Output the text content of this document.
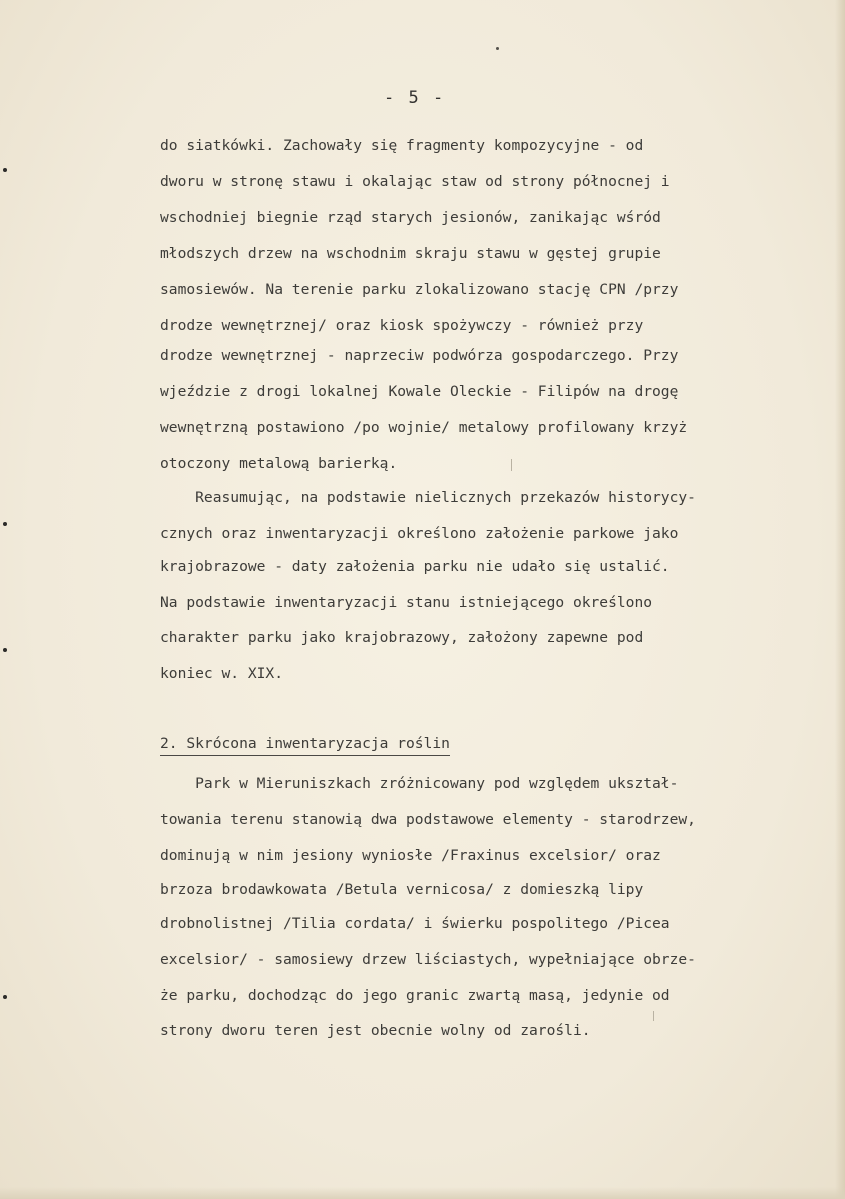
- 5 -
do siatkówki. Zachowały się fragmenty kompozycyjne - od
dworu w stronę stawu i okalając staw od strony północnej i
wschodniej biegnie rząd starych jesionów, zanikając wśród
młodszych drzew na wschodnim skraju stawu w gęstej grupie
samosiewów. Na terenie parku zlokalizowano stację CPN /przy
drodze wewnętrznej/ oraz kiosk spożywczy - również przy
drodze wewnętrznej - naprzeciw podwórza gospodarczego. Przy
wjeździe z drogi lokalnej Kowale Oleckie - Filipów na drogę
wewnętrzną postawiono /po wojnie/ metalowy profilowany krzyż
otoczony metalową barierką.
Reasumując, na podstawie nielicznych przekazów historycy-
cznych oraz inwentaryzacji określono założenie parkowe jako
krajobrazowe - daty założenia parku nie udało się ustalić.
Na podstawie inwentaryzacji stanu istniejącego określono
charakter parku jako krajobrazowy, założony zapewne pod
koniec w. XIX.
2. Skrócona inwentaryzacja roślin
Park w Mieruniszkach zróżnicowany pod względem ukształ-
towania terenu stanowią dwa podstawowe elementy - starodrzew,
dominują w nim jesiony wyniosłe /Fraxinus excelsior/ oraz
brzoza brodawkowata /Betula vernicosa/ z domieszką lipy
drobnolistnej /Tilia cordata/ i świerku pospolitego /Picea
excelsior/ - samosiewy drzew liściastych, wypełniające obrze-
że parku, dochodząc do jego granic zwartą masą, jedynie od
strony dworu teren jest obecnie wolny od zarośli.
